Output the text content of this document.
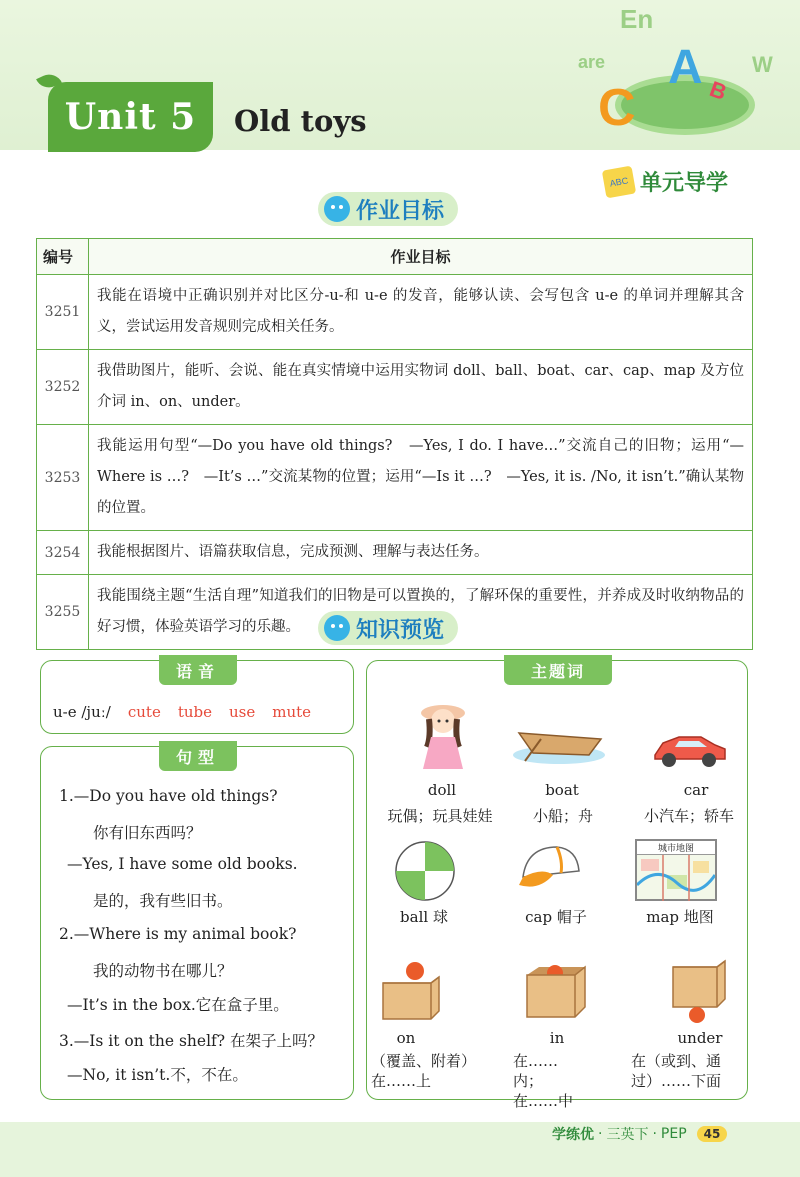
En
are	W
C
A B
Unit 5	Old toys
ABC 单元导学
作业目标
编号	作业目标
3251	我能在语境中正确识别并对比区分-u-和 u-e 的发音，能够认读、会写包含 u-e 的单词并理解其含义，尝试运用发音规则完成相关任务。
3252	我借助图片，能听、会说、能在真实情境中运用实物词 doll、ball、boat、car、cap、map 及方位介词 in、on、under。
3253	我能运用句型“—Do you have old things?　—Yes, I do. I have…”交流自己的旧物；运用“—Where is …?　—It’s …”交流某物的位置；运用“—Is it …?　—Yes, it is. /No, it isn’t.”确认某物的位置。
3254	我能根据图片、语篇获取信息，完成预测、理解与表达任务。
3255	我能围绕主题“生活自理”知道我们的旧物是可以置换的，了解环保的重要性，并养成及时收纳物品的好习惯，体验英语学习的乐趣。	知识预览
语音
u-e /juː/ cute tube use mute
句型
1.—Do you have old things?
你有旧东西吗？
—Yes, I have some old books.
是的，我有些旧书。
2.—Where is my animal book?
我的动物书在哪儿？
—It’s in the box.它在盒子里。
3.—Is it on the shelf? 在架子上吗？
—No, it isn’t.不，不在。
主题词
doll
玩偶；玩具娃娃
boat
小船；舟
car
小汽车；轿车
城市地图
ball 球	cap 帽子	map 地图
on
（覆盖、附着）在……上
in
在……内；在……中
under
在（或到、通过）……下面
学练优 · 三英下 · PEP	45
